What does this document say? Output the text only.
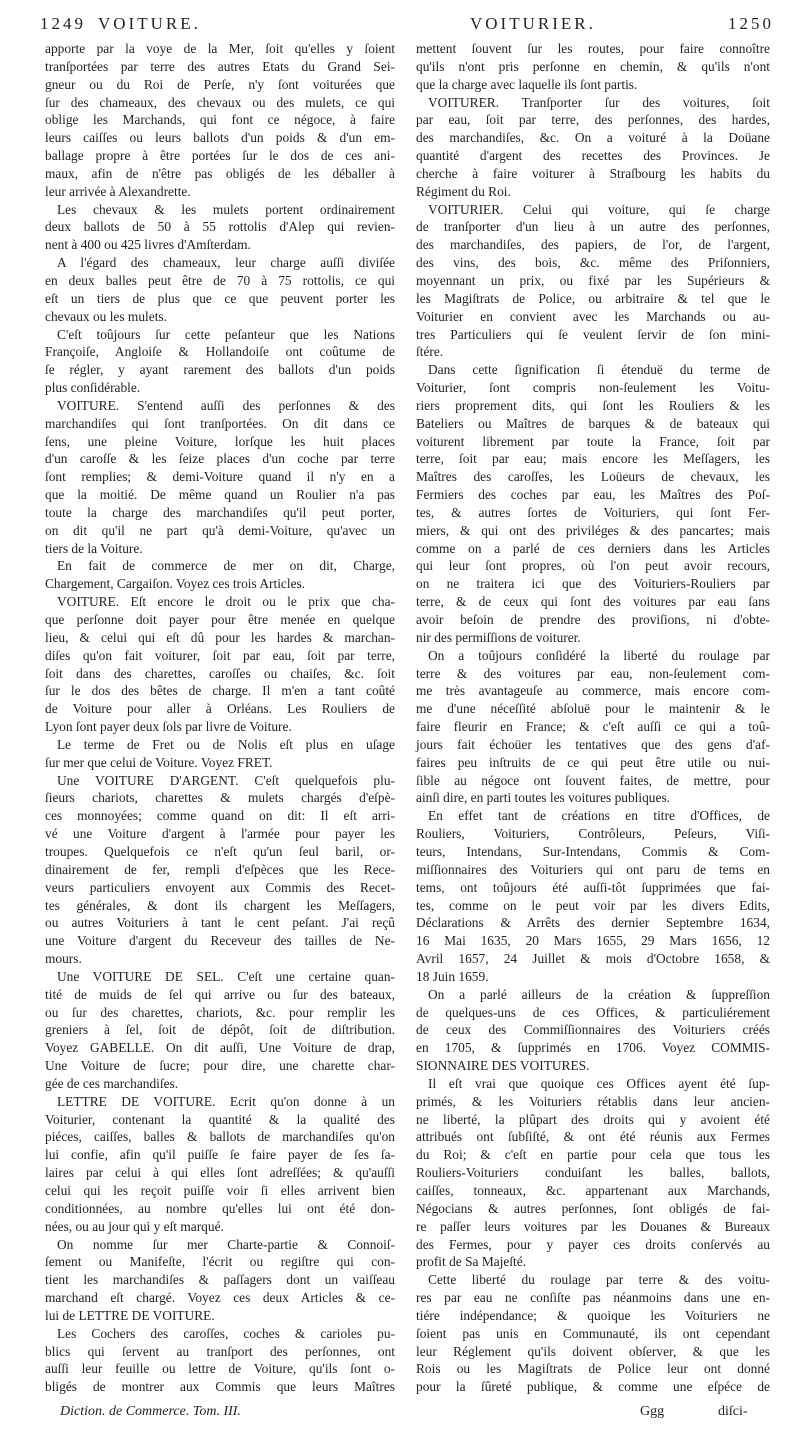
1249 VOITURE.	VOITURIER.	1250
apporte par la voye de la Mer, ſoit qu'elles y ſoient
tranſportées par terre des autres Etats du Grand Sei-
gneur ou du Roi de Perſe, n'y ſont voiturées que
ſur des chameaux, des chevaux ou des mulets, ce qui
oblige les Marchands, qui font ce négoce, à faire
leurs caiſſes ou leurs ballots d'un poids & d'un em-
ballage propre à être portées ſur le dos de ces ani-
maux, afin de n'être pas obligés de les déballer à
leur arrivée à Alexandrette.
Les chevaux & les mulets portent ordinairement
deux ballots de 50 à 55 rottolis d'Alep qui revien-
nent à 400 ou 425 livres d'Amſterdam.
A l'égard des chameaux, leur charge auſſi diviſée
en deux balles peut être de 70 à 75 rottolis, ce qui
eſt un tiers de plus que ce que peuvent porter les
chevaux ou les mulets.
C'eſt toûjours ſur cette peſanteur que les Nations
Françoiſe, Angloiſe & Hollandoiſe ont coûtume de
ſe régler, y ayant rarement des ballots d'un poids
plus conſidérable.
VOITURE. S'entend auſſi des perſonnes & des
marchandiſes qui ſont tranſportées. On dit dans ce
ſens, une pleine Voiture, lorſque les huit places
d'un caroſſe & les ſeize places d'un coche par terre
ſont remplies; & demi-Voiture quand il n'y en a
que la moitié. De même quand un Roulier n'a pas
toute la charge des marchandiſes qu'il peut porter,
on dit qu'il ne part qu'à demi-Voiture, qu'avec un
tiers de la Voiture.
En fait de commerce de mer on dit, Charge,
Chargement, Cargaiſon. Voyez ces trois Articles.
VOITURE. Eſt encore le droit ou le prix que cha-
que perſonne doit payer pour être menée en quelque
lieu, & celui qui eſt dû pour les hardes & marchan-
diſes qu'on fait voiturer, ſoit par eau, ſoit par terre,
ſoit dans des charettes, caroſſes ou chaiſes, &c. ſoit
ſur le dos des bêtes de charge. Il m'en a tant coûté
de Voiture pour aller à Orléans. Les Rouliers de
Lyon ſont payer deux ſols par livre de Voiture.
Le terme de Fret ou de Nolis eſt plus en uſage
ſur mer que celui de Voiture. Voyez FRET.
Une VOITURE D'ARGENT. C'eſt quelquefois plu-
ſieurs chariots, charettes & mulets chargés d'eſpè-
ces monnoyées; comme quand on dit: Il eſt arri-
vé une Voiture d'argent à l'armée pour payer les
troupes. Quelquefois ce n'eſt qu'un ſeul baril, or-
dinairement de fer, rempli d'eſpèces que les Rece-
veurs particuliers envoyent aux Commis des Recet-
tes générales, & dont ils chargent les Meſſagers,
ou autres Voituriers à tant le cent peſant. J'ai reçû
une Voiture d'argent du Receveur des tailles de Ne-
mours.
Une VOITURE DE SEL. C'eſt une certaine quan-
tité de muids de ſel qui arrive ou ſur des bateaux,
ou ſur des charettes, chariots, &c. pour remplir les
greniers à ſel, ſoit de dépôt, ſoit de diſtribution.
Voyez GABELLE. On dit auſſi, Une Voiture de drap,
Une Voiture de ſucre; pour dire, une charette char-
gée de ces marchandiſes.
LETTRE DE VOITURE. Ecrit qu'on donne à un
Voiturier, contenant la quantité & la qualité des
piéces, caiſſes, balles & ballots de marchandiſes qu'on
lui confie, afin qu'il puiſſe ſe faire payer de ſes ſa-
laires par celui à qui elles ſont adreſſées; & qu'auſſi
celui qui les reçoit puiſſe voir ſi elles arrivent bien
conditionnées, au nombre qu'elles lui ont été don-
nées, ou au jour qui y eſt marqué.
On nomme ſur mer Charte-partie & Connoiſ-
ſement ou Manifeſte, l'écrit ou regiſtre qui con-
tient les marchandiſes & paſſagers dont un vaiſſeau
marchand eſt chargé. Voyez ces deux Articles & ce-
lui de LETTRE DE VOITURE.
Les Cochers des caroſſes, coches & carioles pu-
blics qui ſervent au tranſport des perſonnes, ont
auſſi leur feuille ou lettre de Voiture, qu'ils ſont o-
bligés de montrer aux Commis que leurs Maîtres
mettent ſouvent ſur les routes, pour faire connoître
qu'ils n'ont pris perſonne en chemin, & qu'ils n'ont
que la charge avec laquelle ils ſont partis.
VOITURER. Tranſporter ſur des voitures, ſoit
par eau, ſoit par terre, des perſonnes, des hardes,
des marchandiſes, &c. On a voituré à la Doüane
quantité d'argent des recettes des Provinces. Je
cherche à faire voiturer à Straſbourg les habits du
Régiment du Roi.
VOITURIER. Celui qui voiture, qui ſe charge
de tranſporter d'un lieu à un autre des perſonnes,
des marchandiſes, des papiers, de l'or, de l'argent,
des vins, des bois, &c. même des Priſonniers,
moyennant un prix, ou fixé par les Supérieurs &
les Magiſtrats de Police, ou arbitraire & tel que le
Voiturier en convient avec les Marchands ou au-
tres Particuliers qui ſe veulent ſervir de ſon mini-
ſtére.
Dans cette ſignification ſi étenduë du terme de
Voiturier, ſont compris non-ſeulement les Voitu-
riers proprement dits, qui ſont les Rouliers & les
Bateliers ou Maîtres de barques & de bateaux qui
voiturent librement par toute la France, ſoit par
terre, ſoit par eau; mais encore les Meſſagers, les
Maîtres des caroſſes, les Loüeurs de chevaux, les
Fermiers des coches par eau, les Maîtres des Poſ-
tes, & autres ſortes de Voituriers, qui ſont Fer-
miers, & qui ont des priviléges & des pancartes; mais
comme on a parlé de ces derniers dans les Articles
qui leur ſont propres, où l'on peut avoir recours,
on ne traitera ici que des Voituriers-Rouliers par
terre, & de ceux qui ſont des voitures par eau ſans
avoir beſoin de prendre des proviſions, ni d'obte-
nir des permiſſions de voiturer.
On a toûjours conſidéré la liberté du roulage par
terre & des voitures par eau, non-ſeulement com-
me très avantageuſe au commerce, mais encore com-
me d'une néceſſité abſoluë pour le maintenir & le
faire fleurir en France; & c'eſt auſſi ce qui a toû-
jours fait échoüer les tentatives que des gens d'af-
faires peu inſtruits de ce qui peut être utile ou nui-
ſible au négoce ont ſouvent faites, de mettre, pour
ainſi dire, en parti toutes les voitures publiques.
En effet tant de créations en titre d'Offices, de
Rouliers, Voituriers, Contrôleurs, Peſeurs, Viſi-
teurs, Intendans, Sur-Intendans, Commis & Com-
miſſionnaires des Voituriers qui ont paru de tems en
tems, ont toûjours été auſſi-tôt ſupprimées que fai-
tes, comme on le peut voir par les divers Edits,
Déclarations & Arrêts des dernier Septembre 1634,
16 Mai 1635, 20 Mars 1655, 29 Mars 1656, 12
Avril 1657, 24 Juillet & mois d'Octobre 1658, &
18 Juin 1659.
On a parlé ailleurs de la création & ſuppreſſion
de quelques-uns de ces Offices, & particuliérement
de ceux des Commiſſionnaires des Voituriers créés
en 1705, & ſupprimés en 1706. Voyez COMMIS-
SIONNAIRE DES VOITURES.
Il eſt vrai que quoique ces Offices ayent été ſup-
primés, & les Voituriers rétablis dans leur ancien-
ne liberté, la plûpart des droits qui y avoient été
attribués ont ſubſiſté, & ont été réunis aux Fermes
du Roi; & c'eſt en partie pour cela que tous les
Rouliers-Voituriers conduiſant les balles, ballots,
caiſſes, tonneaux, &c. appartenant aux Marchands,
Négocians & autres perſonnes, ſont obligés de fai-
re paſſer leurs voitures par les Douanes & Bureaux
des Fermes, pour y payer ces droits conſervés au
profit de Sa Majeſté.
Cette liberté du roulage par terre & des voitu-
res par eau ne conſiſte pas néanmoins dans une en-
tiére indépendance; & quoique les Voituriers ne
ſoient pas unis en Communauté, ils ont cependant
leur Réglement qu'ils doivent obſerver, & que les
Rois ou les Magiſtrats de Police leur ont donné
pour la ſûreté publique, & comme une eſpéce de
Diction. de Commerce. Tom. III.	Ggg	diſci-
